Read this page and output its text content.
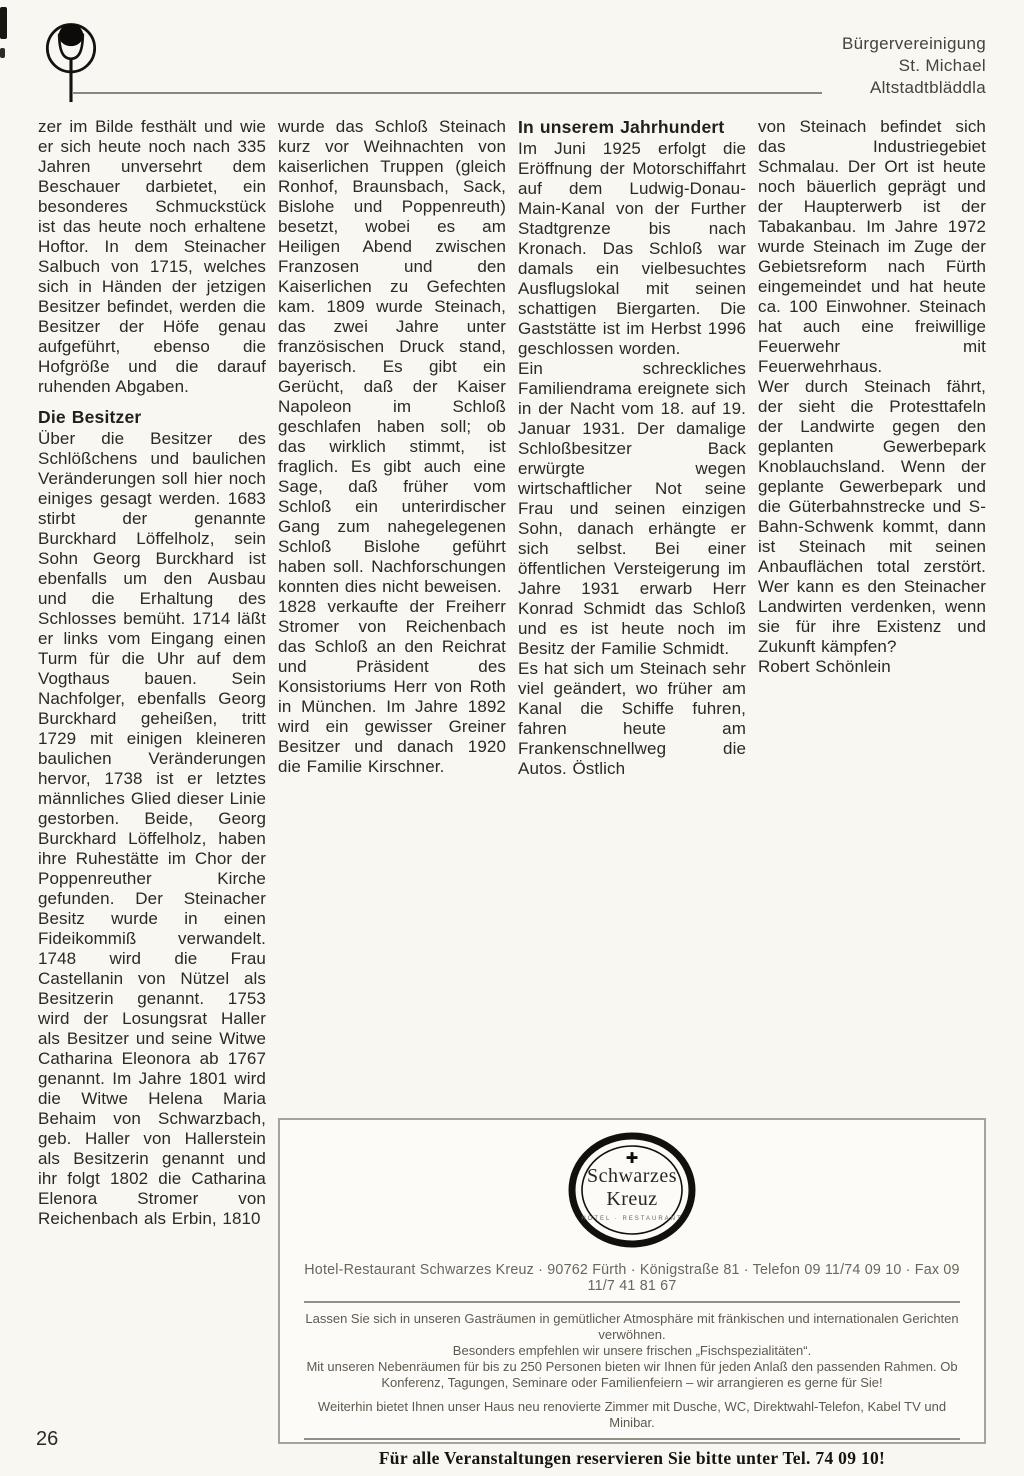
Bürgervereinigung
St. Michael
Altstadtbläddla

zer im Bilde festhält und wie er sich heute noch nach 335 Jahren unversehrt dem Beschauer darbietet, ein besonderes Schmuckstück ist das heute noch erhaltene Hoftor. In dem Steinacher Salbuch von 1715, welches sich in Händen der jetzigen Besitzer befindet, werden die Besitzer der Höfe genau aufgeführt, ebenso die Hofgröße und die darauf ruhenden Abgaben.

Die Besitzer

Über die Besitzer des Schlößchens und baulichen Veränderungen soll hier noch einiges gesagt werden. 1683 stirbt der genannte Burckhard Löffelholz, sein Sohn Georg Burckhard ist ebenfalls um den Ausbau und die Erhaltung des Schlosses bemüht. 1714 läßt er links vom Eingang einen Turm für die Uhr auf dem Vogthaus bauen. Sein Nachfolger, ebenfalls Georg Burckhard geheißen, tritt 1729 mit einigen kleineren baulichen Veränderungen hervor, 1738 ist er letztes männliches Glied dieser Linie gestorben. Beide, Georg Burckhard Löffelholz, haben ihre Ruhestätte im Chor der Poppenreuther Kirche gefunden. Der Steinacher Besitz wurde in einen Fideikommiß verwandelt. 1748 wird die Frau Castellanin von Nützel als Besitzerin genannt. 1753 wird der Losungsrat Haller als Besitzer und seine Witwe Catharina Eleonora ab 1767 genannt. Im Jahre 1801 wird die Witwe Helena Maria Behaim von Schwarzbach, geb. Haller von Hallerstein als Besitzerin genannt und ihr folgt 1802 die Catharina Elenora Stromer von Reichenbach als Erbin, 1810

wurde das Schloß Steinach kurz vor Weihnachten von kaiserlichen Truppen (gleich Ronhof, Braunsbach, Sack, Bislohe und Poppenreuth) besetzt, wobei es am Heiligen Abend zwischen Franzosen und den Kaiserlichen zu Gefechten kam. 1809 wurde Steinach, das zwei Jahre unter französischen Druck stand, bayerisch. Es gibt ein Gerücht, daß der Kaiser Napoleon im Schloß geschlafen haben soll; ob das wirklich stimmt, ist fraglich. Es gibt auch eine Sage, daß früher vom Schloß ein unterirdischer Gang zum nahegelegenen Schloß Bislohe geführt haben soll. Nachforschungen konnten dies nicht beweisen.

1828 verkaufte der Freiherr Stromer von Reichenbach das Schloß an den Reichrat und Präsident des Konsistoriums Herr von Roth in München. Im Jahre 1892 wird ein gewisser Greiner Besitzer und danach 1920 die Familie Kirschner.

In unserem Jahrhundert

Im Juni 1925 erfolgt die Eröffnung der Motorschiffahrt auf dem Ludwig-Donau-Main-Kanal von der Further Stadtgrenze bis nach Kronach. Das Schloß war damals ein vielbesuchtes Ausflugslokal mit seinen schattigen Biergarten. Die Gaststätte ist im Herbst 1996 geschlossen worden.

Ein schreckliches Familiendrama ereignete sich in der Nacht vom 18. auf 19. Januar 1931. Der damalige Schloßbesitzer Back erwürgte wegen wirtschaftlicher Not seine Frau und seinen einzigen Sohn, danach erhängte er sich selbst. Bei einer öffentlichen Versteigerung im Jahre 1931 erwarb Herr Konrad Schmidt das Schloß und es ist heute noch im Besitz der Familie Schmidt.

Es hat sich um Steinach sehr viel geändert, wo früher am Kanal die Schiffe fuhren, fahren heute am Frankenschnellweg die Autos. Östlich

von Steinach befindet sich das Industriegebiet Schmalau. Der Ort ist heute noch bäuerlich geprägt und der Haupterwerb ist der Tabakanbau. Im Jahre 1972 wurde Steinach im Zuge der Gebietsreform nach Fürth eingemeindet und hat heute ca. 100 Einwohner. Steinach hat auch eine freiwillige Feuerwehr mit Feuerwehrhaus.

Wer durch Steinach fährt, der sieht die Protesttafeln der Landwirte gegen den geplanten Gewerbepark Knoblauchsland. Wenn der geplante Gewerbepark und die Güterbahnstrecke und S-Bahn-Schwenk kommt, dann ist Steinach mit seinen Anbauflächen total zerstört. Wer kann es den Steinacher Landwirten verdenken, wenn sie für ihre Existenz und Zukunft kämpfen?

Robert Schönlein

✚
Schwarzes
Kreuz
HOTEL · RESTAURANT
Hotel-Restaurant Schwarzes Kreuz · 90762 Fürth · Königstraße 81 · Telefon 09 11/74 09 10 · Fax 09 11/7 41 81 67

Lassen Sie sich in unseren Gasträumen in gemütlicher Atmosphäre mit fränkischen und internationalen Gerichten verwöhnen.

Besonders empfehlen wir unsere frischen „Fischspezialitäten“.

Mit unseren Nebenräumen für bis zu 250 Personen bieten wir Ihnen für jeden Anlaß den passenden Rahmen. Ob Konferenz, Tagungen, Seminare oder Familienfeiern – wir arrangieren es gerne für Sie!

Weiterhin bietet Ihnen unser Haus neu renovierte Zimmer mit Dusche, WC, Direktwahl-Telefon, Kabel TV und Minibar.

Für alle Veranstaltungen reservieren Sie bitte unter Tel. 74 09 10!
26
